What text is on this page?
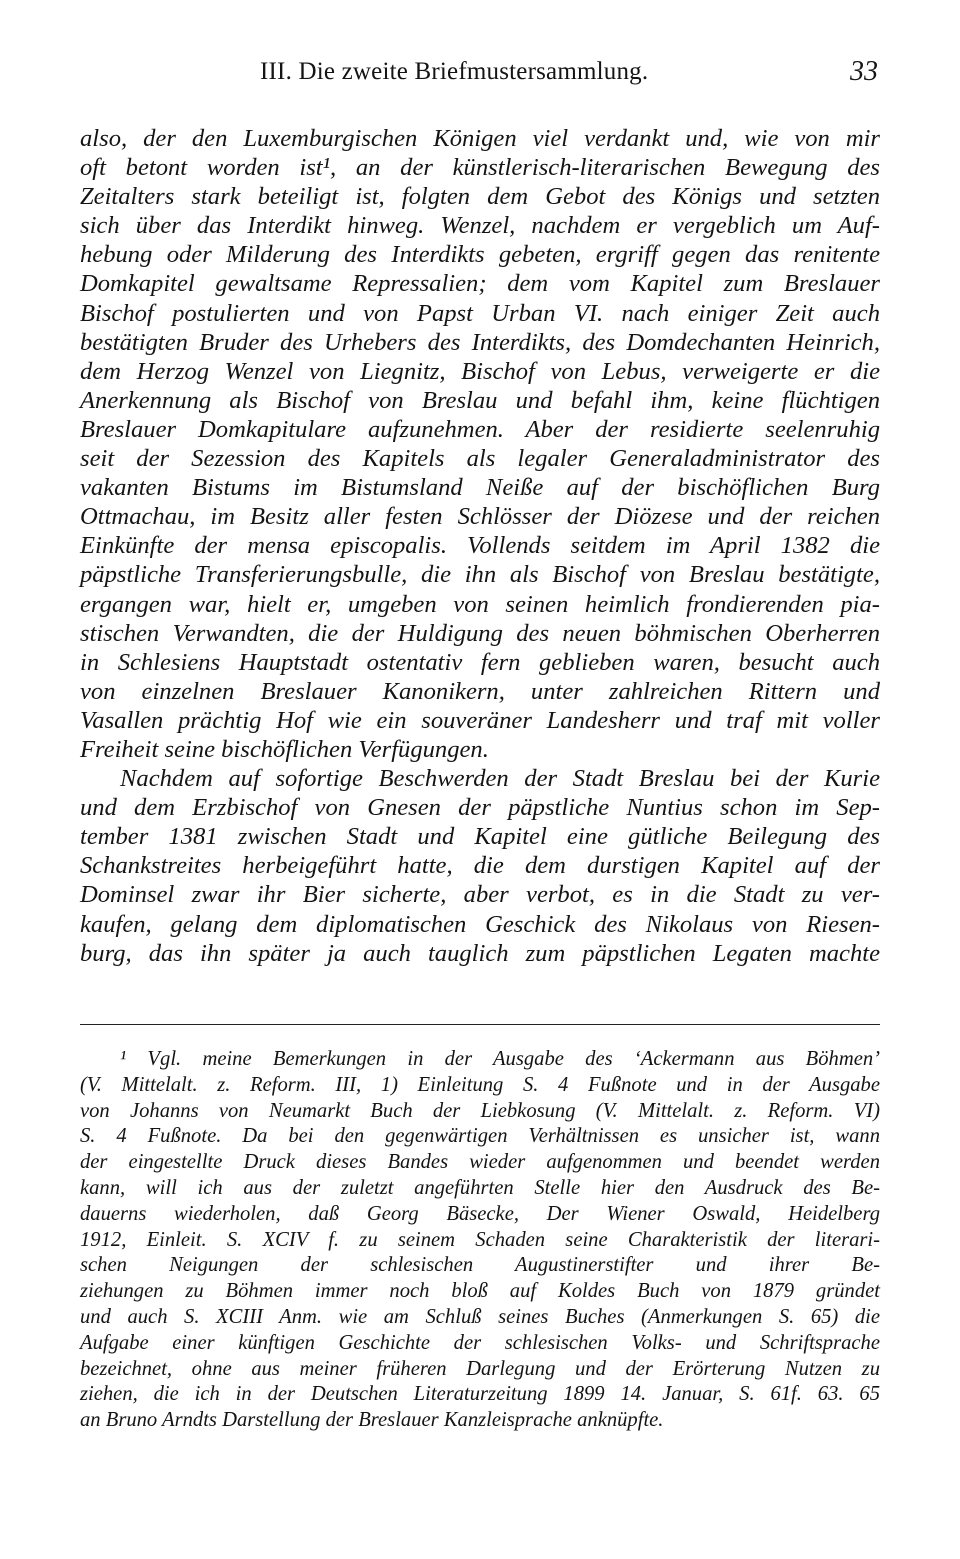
III. Die zweite Briefmustersammlung.	33
also, der den Luxemburgischen Königen viel verdankt und, wie von mir
oft betont worden ist¹, an der künstlerisch-literarischen Bewegung des
Zeitalters stark beteiligt ist, folgten dem Gebot des Königs und setzten
sich über das Interdikt hinweg. Wenzel, nachdem er vergeblich um Auf-
hebung oder Milderung des Interdikts gebeten, ergriff gegen das renitente
Domkapitel gewaltsame Repressalien; dem vom Kapitel zum Breslauer
Bischof postulierten und von Papst Urban VI. nach einiger Zeit auch
bestätigten Bruder des Urhebers des Interdikts, des Domdechanten Heinrich,
dem Herzog Wenzel von Liegnitz, Bischof von Lebus, verweigerte er die
Anerkennung als Bischof von Breslau und befahl ihm, keine flüchtigen
Breslauer Domkapitulare aufzunehmen. Aber der residierte seelenruhig
seit der Sezession des Kapitels als legaler Generaladministrator des
vakanten Bistums im Bistumsland Neiße auf der bischöflichen Burg
Ottmachau, im Besitz aller festen Schlösser der Diözese und der reichen
Einkünfte der mensa episcopalis. Vollends seitdem im April 1382 die
päpstliche Transferierungsbulle, die ihn als Bischof von Breslau bestätigte,
ergangen war, hielt er, umgeben von seinen heimlich frondierenden pia-
stischen Verwandten, die der Huldigung des neuen böhmischen Oberherren
in Schlesiens Hauptstadt ostentativ fern geblieben waren, besucht auch
von einzelnen Breslauer Kanonikern, unter zahlreichen Rittern und
Vasallen prächtig Hof wie ein souveräner Landesherr und traf mit voller
Freiheit seine bischöflichen Verfügungen.
Nachdem auf sofortige Beschwerden der Stadt Breslau bei der Kurie
und dem Erzbischof von Gnesen der päpstliche Nuntius schon im Sep-
tember 1381 zwischen Stadt und Kapitel eine gütliche Beilegung des
Schankstreites herbeigeführt hatte, die dem durstigen Kapitel auf der
Dominsel zwar ihr Bier sicherte, aber verbot, es in die Stadt zu ver-
kaufen, gelang dem diplomatischen Geschick des Nikolaus von Riesen-
burg, das ihn später ja auch tauglich zum päpstlichen Legaten machte
¹ Vgl. meine Bemerkungen in der Ausgabe des ‘Ackermann aus Böhmen’
(V. Mittelalt. z. Reform. III, 1) Einleitung S. 4 Fußnote und in der Ausgabe
von Johanns von Neumarkt Buch der Liebkosung (V. Mittelalt. z. Reform. VI)
S. 4 Fußnote. Da bei den gegenwärtigen Verhältnissen es unsicher ist, wann
der eingestellte Druck dieses Bandes wieder aufgenommen und beendet werden
kann, will ich aus der zuletzt angeführten Stelle hier den Ausdruck des Be-
dauerns wiederholen, daß Georg Bäsecke, Der Wiener Oswald, Heidelberg
1912, Einleit. S. XCIV f. zu seinem Schaden seine Charakteristik der literari-
schen Neigungen der schlesischen Augustinerstifter und ihrer Be-
ziehungen zu Böhmen immer noch bloß auf Koldes Buch von 1879 gründet
und auch S. XCIII Anm. wie am Schluß seines Buches (Anmerkungen S. 65) die
Aufgabe einer künftigen Geschichte der schlesischen Volks- und Schriftsprache
bezeichnet, ohne aus meiner früheren Darlegung und der Erörterung Nutzen zu
ziehen, die ich in der Deutschen Literaturzeitung 1899 14. Januar, S. 61f. 63. 65
an Bruno Arndts Darstellung der Breslauer Kanzleisprache anknüpfte.
